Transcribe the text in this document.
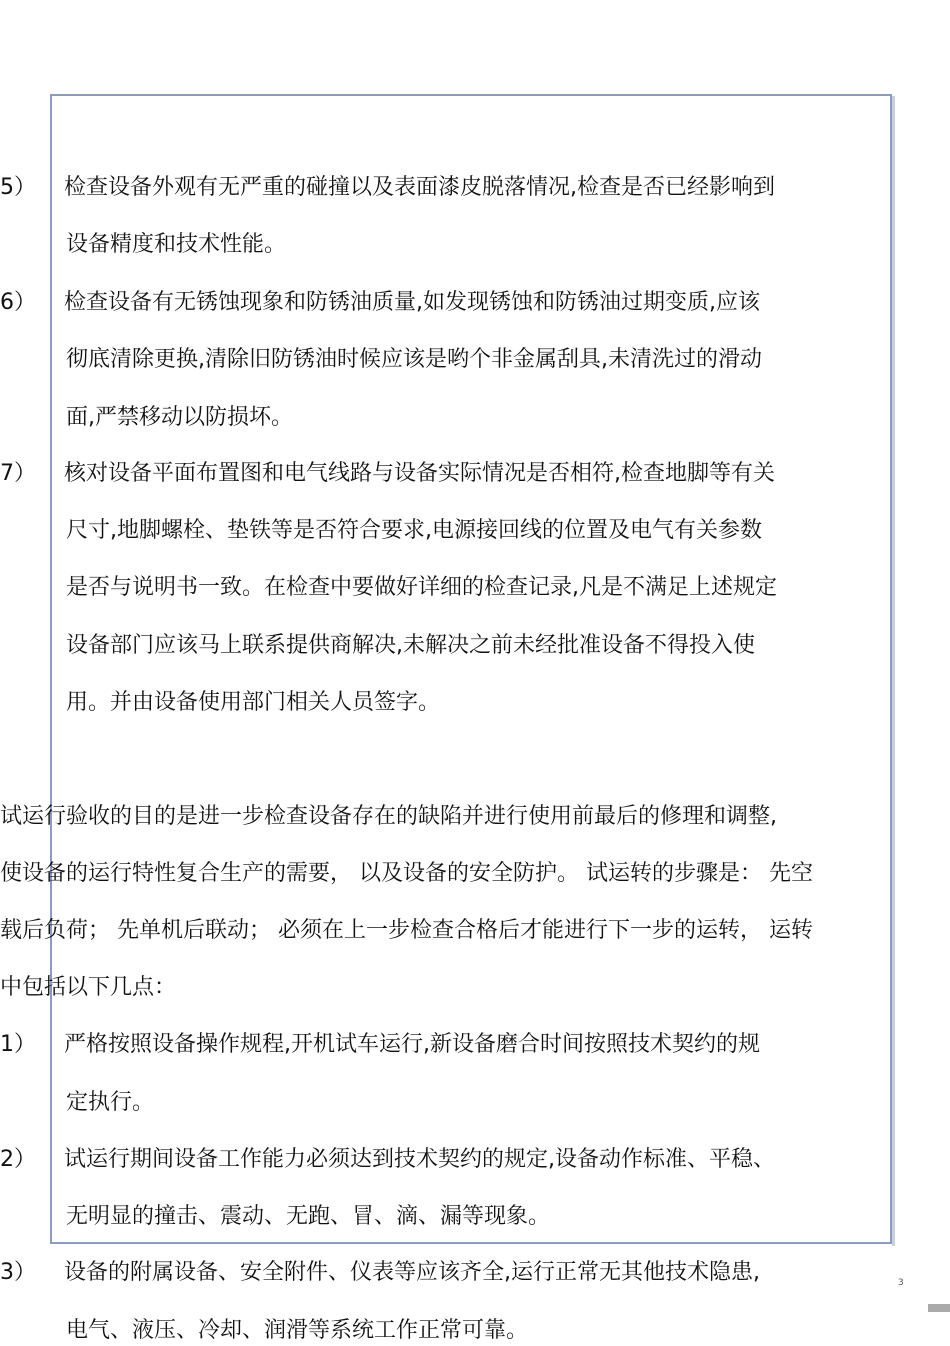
5） 检查设备外观有无严重的碰撞以及表面漆皮脱落情况,检查是否已经影响到
设备精度和技术性能。
6） 检查设备有无锈蚀现象和防锈油质量,如发现锈蚀和防锈油过期变质,应该
彻底清除更换,清除旧防锈油时候应该是哟个非金属刮具,未清洗过的滑动
面,严禁移动以防损坏。
7） 核对设备平面布置图和电气线路与设备实际情况是否相符,检查地脚等有关
尺寸,地脚螺栓、垫铁等是否符合要求,电源接回线的位置及电气有关参数
是否与说明书一致。在检查中要做好详细的检查记录,凡是不满足上述规定
设备部门应该马上联系提供商解决,未解决之前未经批准设备不得投入使
用。并由设备使用部门相关人员签字。
试运行验收的目的是进一步检查设备存在的缺陷并进行使用前最后的修理和调整,
使设备的运行特性复合生产的需要， 以及设备的安全防护。 试运转的步骤是： 先空
载后负荷； 先单机后联动； 必须在上一步检查合格后才能进行下一步的运转， 运转
中包括以下几点：
1） 严格按照设备操作规程,开机试车运行,新设备磨合时间按照技术契约的规
定执行。
2） 试运行期间设备工作能力必须达到技术契约的规定,设备动作标准、平稳、
无明显的撞击、震动、无跑、冒、滴、漏等现象。
3） 设备的附属设备、安全附件、仪表等应该齐全,运行正常无其他技术隐患,
电气、液压、冷却、润滑等系统工作正常可靠。
3
